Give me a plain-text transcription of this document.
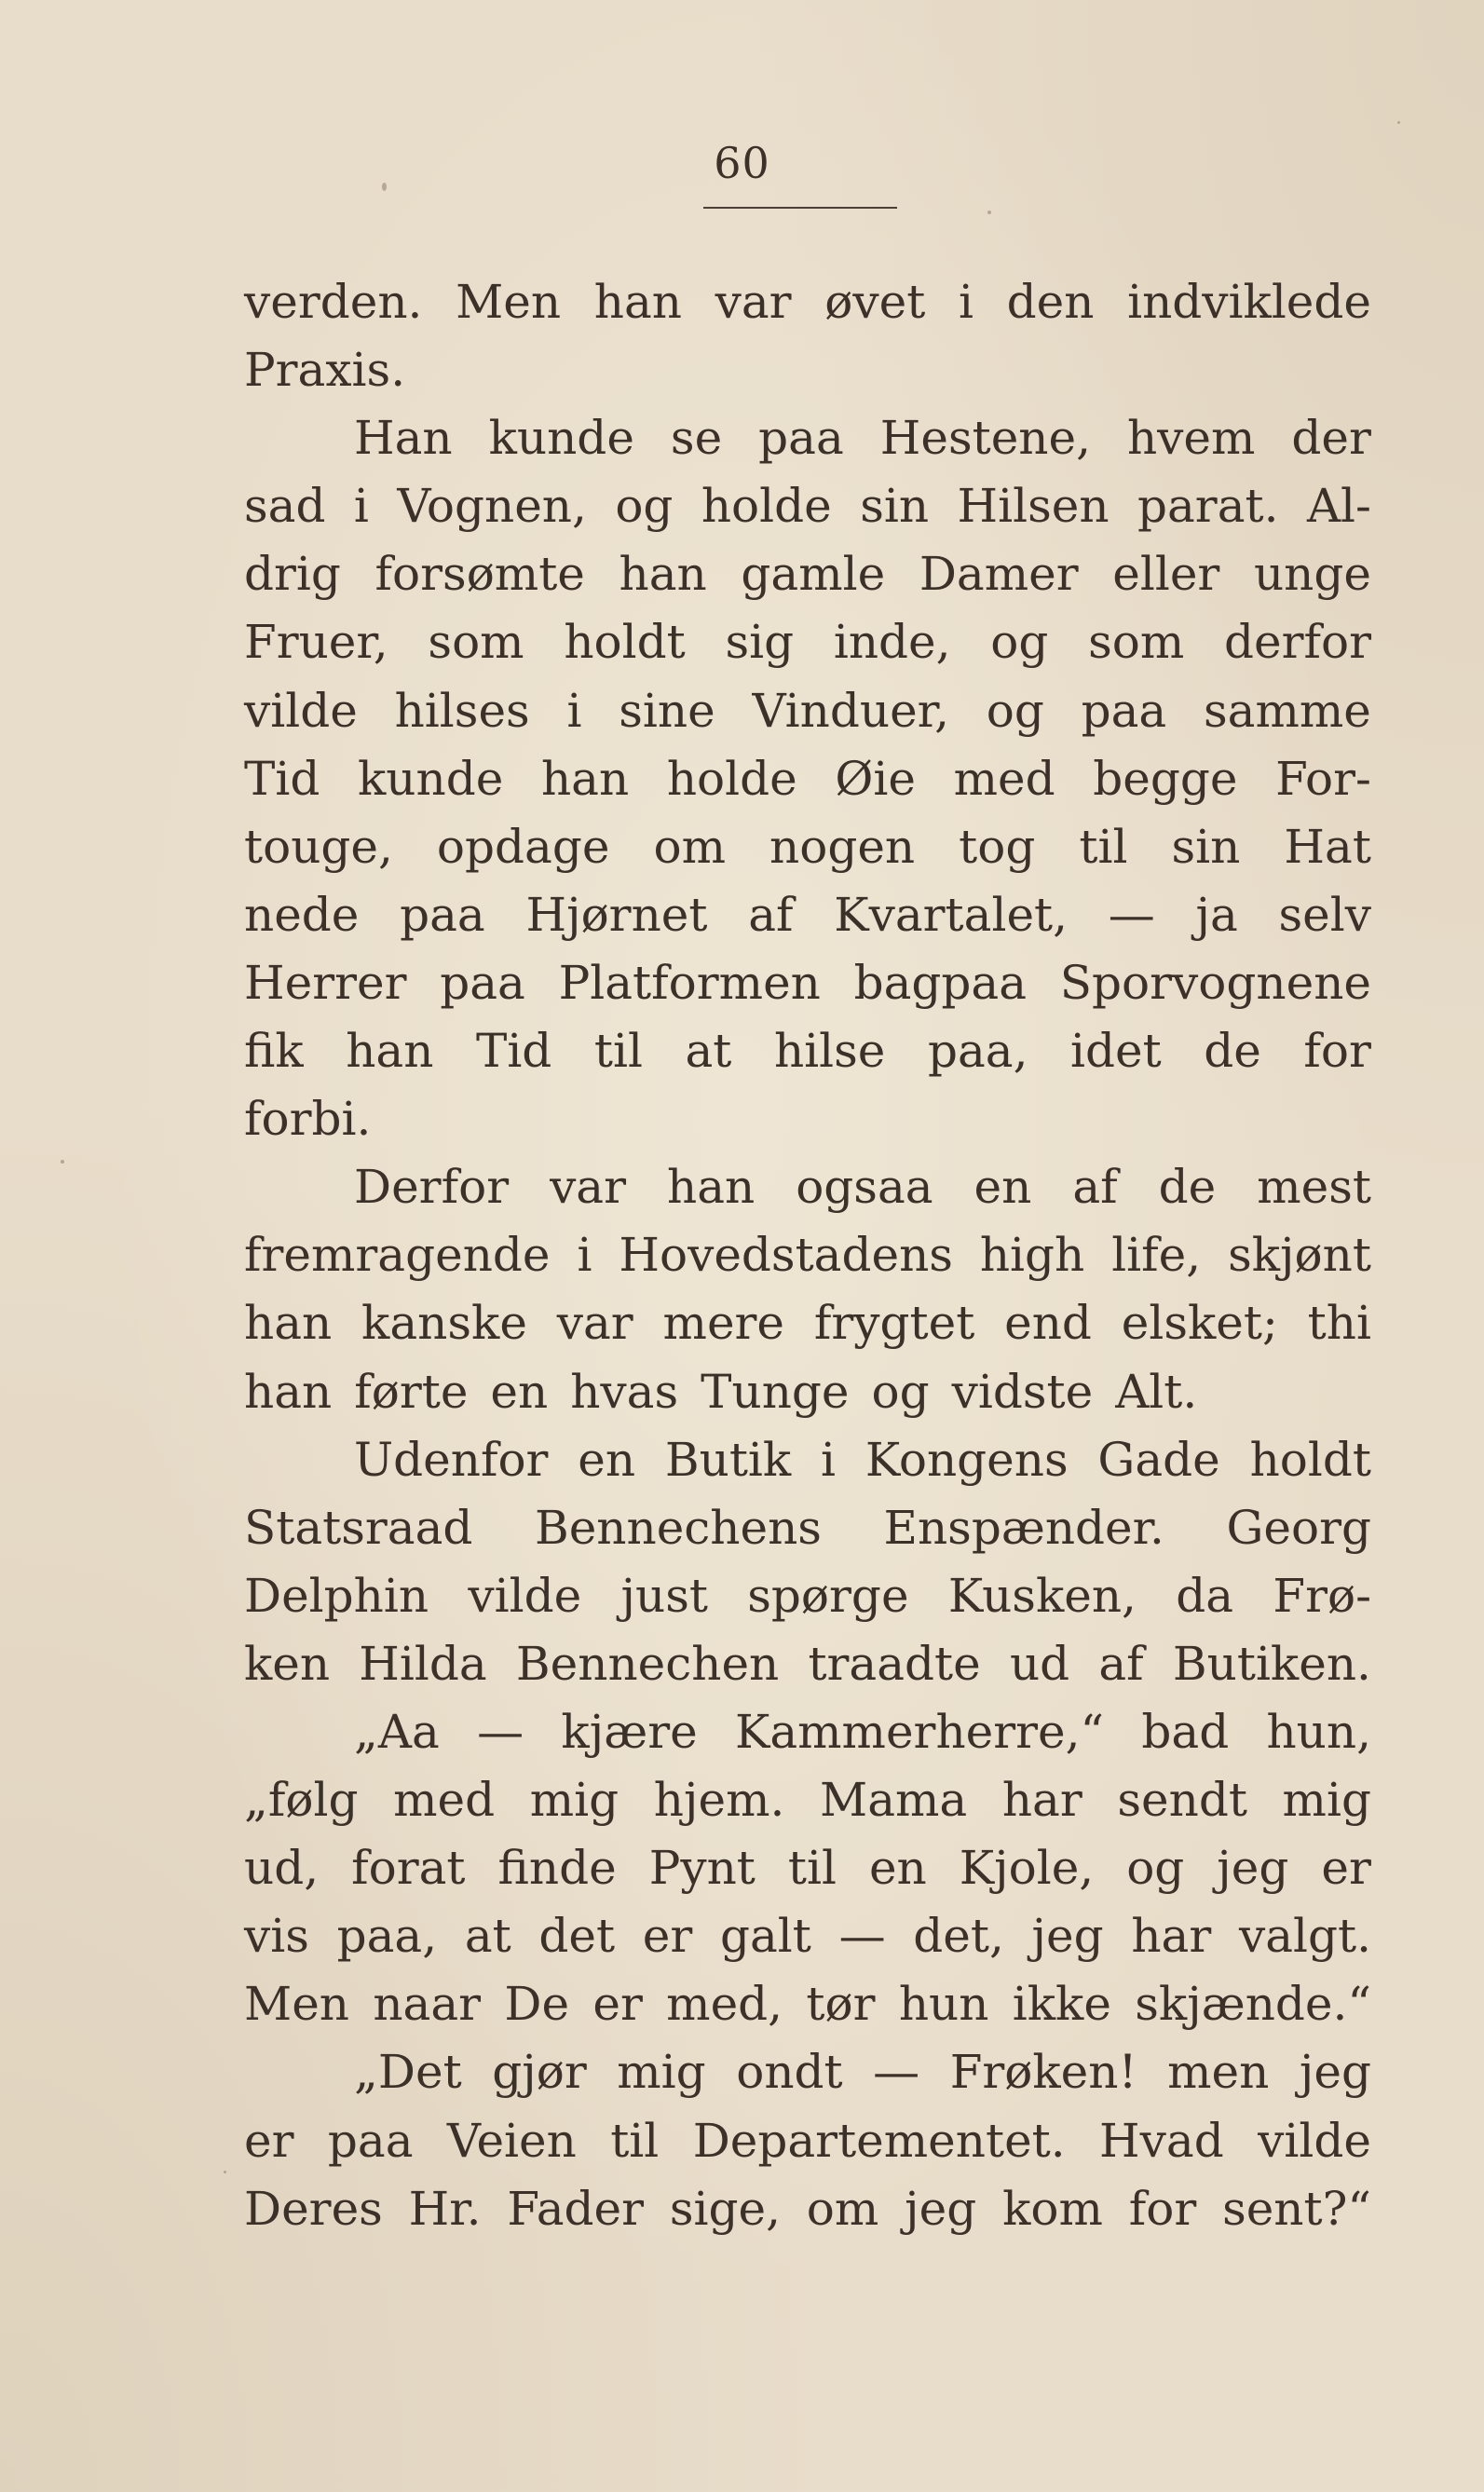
60
verden. Men han var øvet i den indviklede
Praxis.
Han kunde se paa Hestene, hvem der
sad i Vognen, og holde sin Hilsen parat. Al-
drig forsømte han gamle Damer eller unge
Fruer, som holdt sig inde, og som derfor
vilde hilses i sine Vinduer, og paa samme
Tid kunde han holde Øie med begge For-
touge, opdage om nogen tog til sin Hat
nede paa Hjørnet af Kvartalet, — ja selv
Herrer paa Platformen bagpaa Sporvognene
fik han Tid til at hilse paa, idet de for
forbi.
Derfor var han ogsaa en af de mest
fremragende i Hovedstadens high life, skjønt
han kanske var mere frygtet end elsket; thi
han førte en hvas Tunge og vidste Alt.
Udenfor en Butik i Kongens Gade holdt
Statsraad Bennechens Enspænder. Georg
Delphin vilde just spørge Kusken, da Frø-
ken Hilda Bennechen traadte ud af Butiken.
„Aa — kjære Kammerherre,“ bad hun,
„følg med mig hjem. Mama har sendt mig
ud, forat finde Pynt til en Kjole, og jeg er
vis paa, at det er galt — det, jeg har valgt.
Men naar De er med, tør hun ikke skjænde.“
„Det gjør mig ondt — Frøken! men jeg
er paa Veien til Departementet. Hvad vilde
Deres Hr. Fader sige, om jeg kom for sent?“
